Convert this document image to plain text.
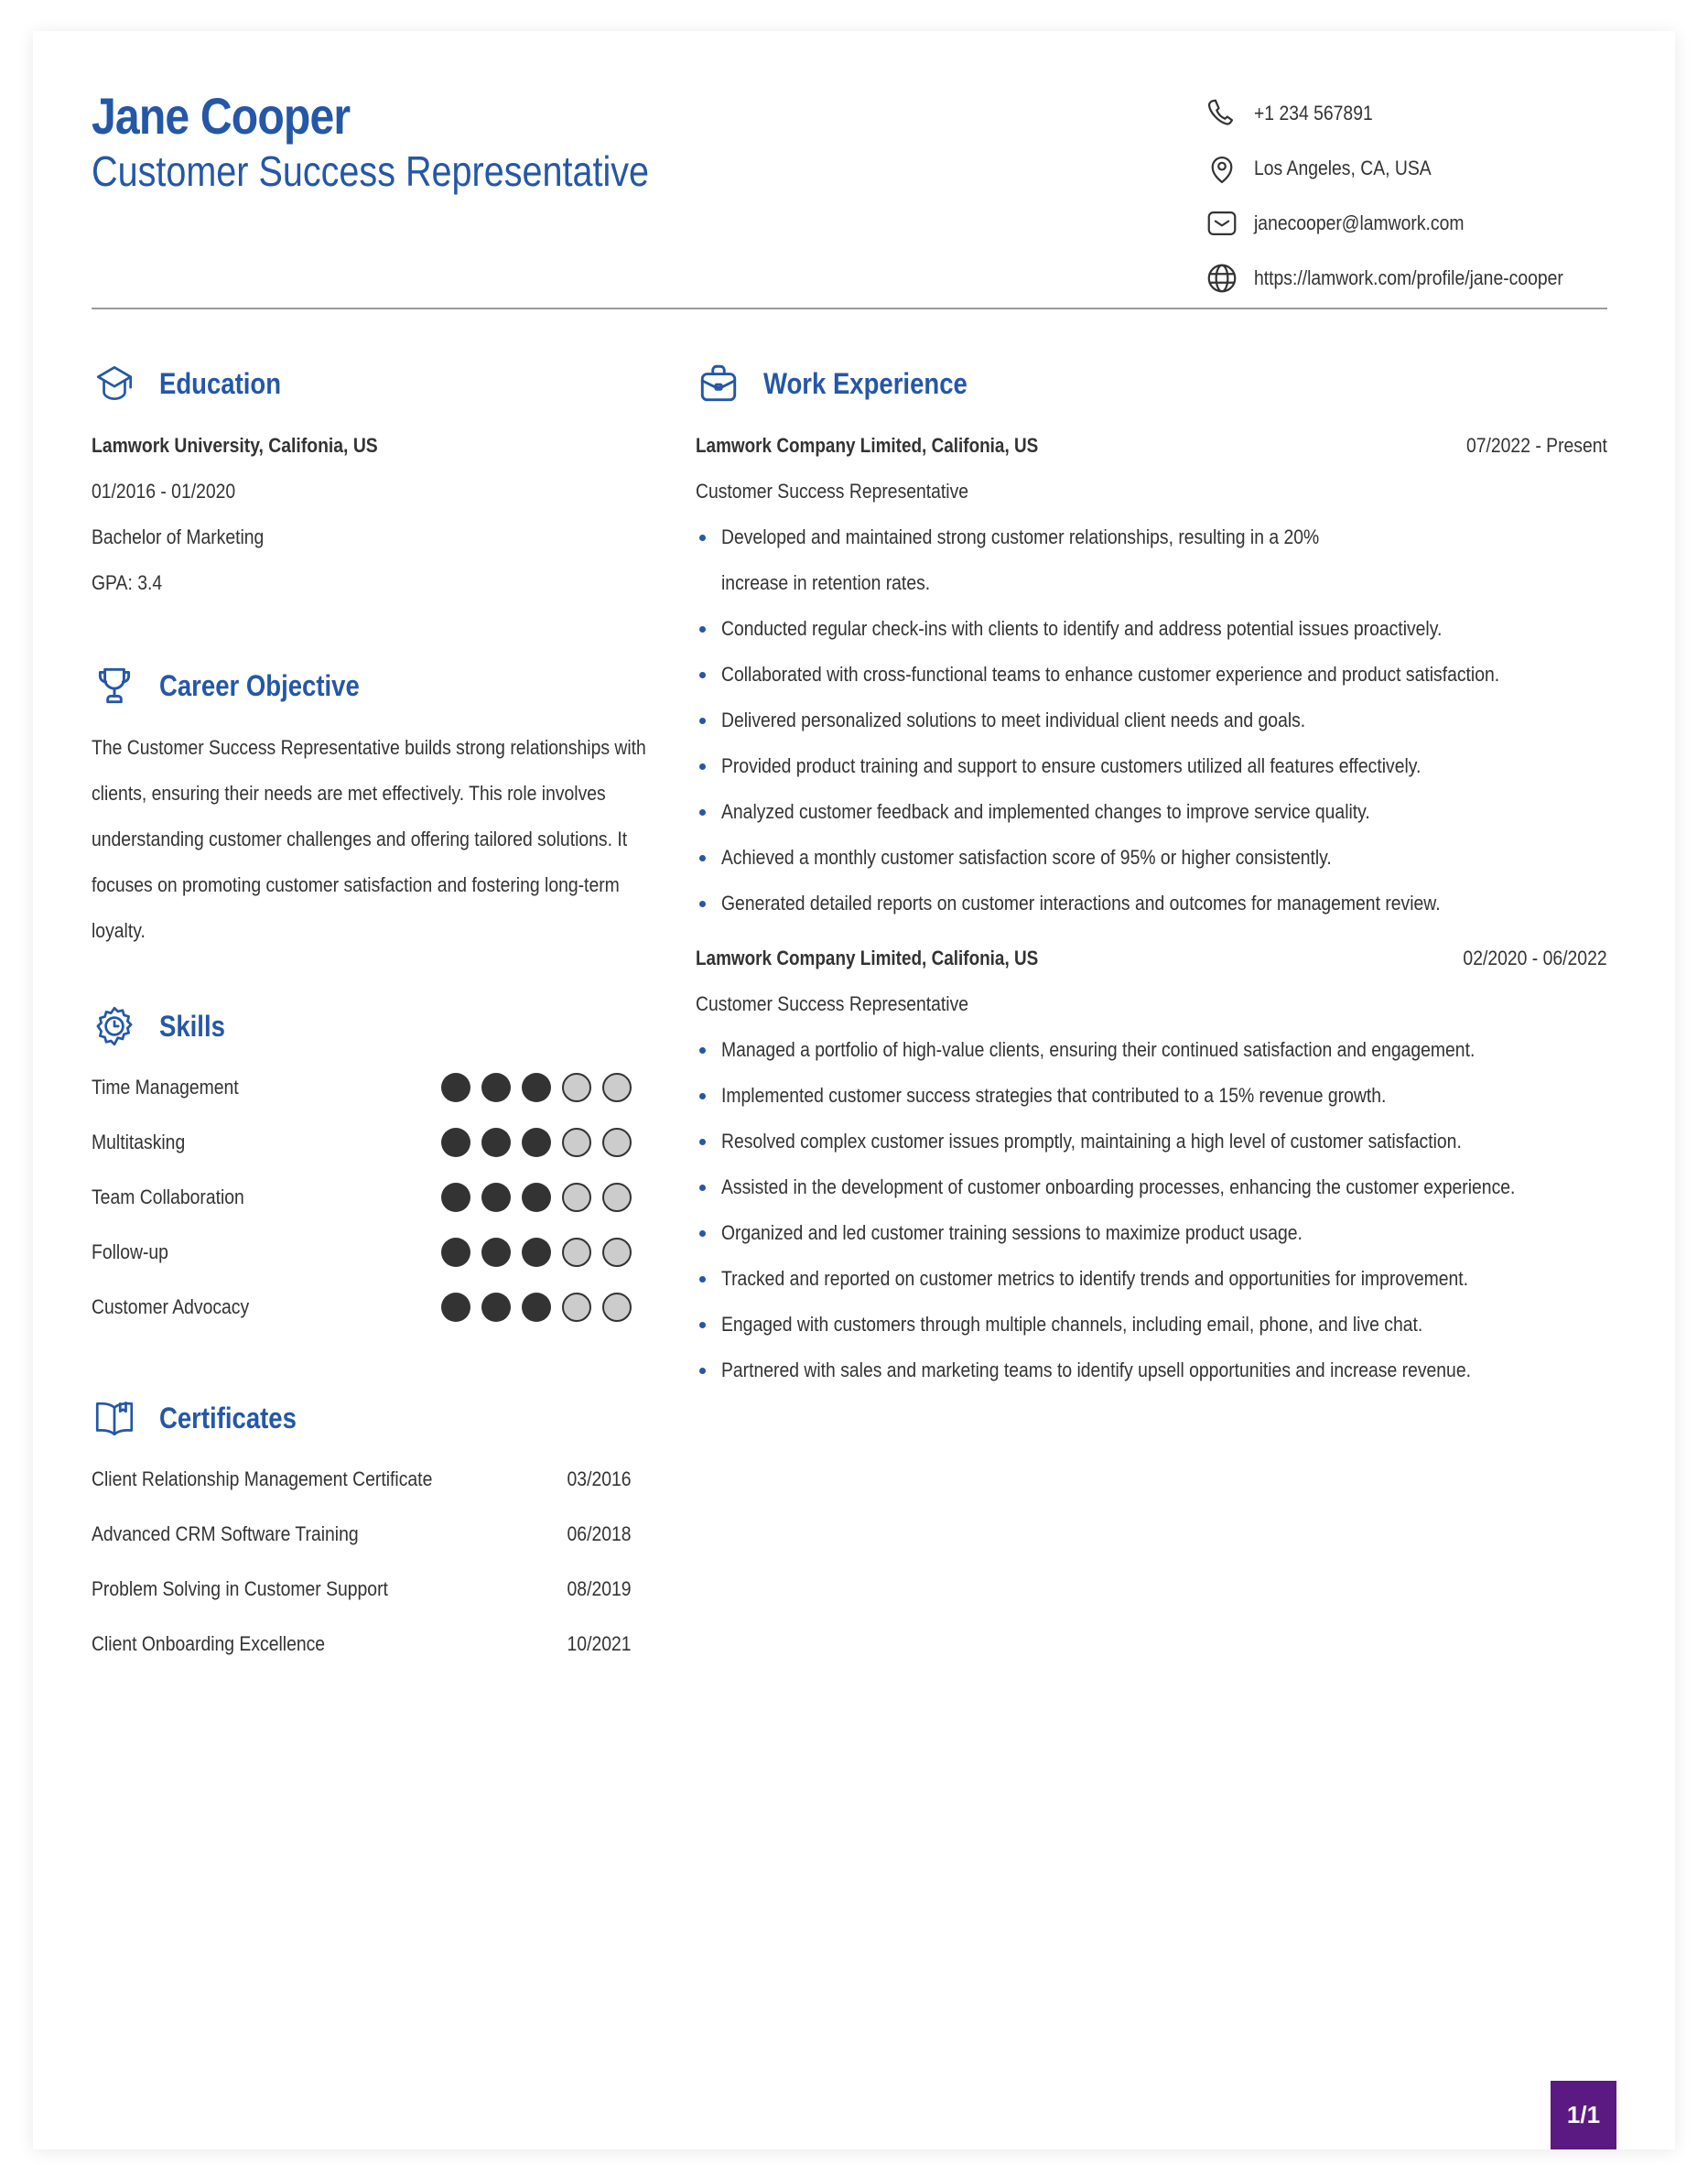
Jane Cooper
Customer Success Representative
+1 234 567891
Los Angeles, CA, USA
janecooper@lamwork.com
https://lamwork.com/profile/jane-cooper
Education
Lamwork University, Califonia, US
01/2016 - 01/2020
Bachelor of Marketing
GPA: 3.4
Career Objective
The Customer Success Representative builds strong relationships with clients, ensuring their needs are met effectively. This role involves understanding customer challenges and offering tailored solutions. It focuses on promoting customer satisfaction and fostering long-term loyalty.
Skills
Time Management
Multitasking
Team Collaboration
Follow-up
Customer Advocacy
Certificates
Client Relationship Management Certificate	03/2016
Advanced CRM Software Training	06/2018
Problem Solving in Customer Support	08/2019
Client Onboarding Excellence	10/2021
Work Experience
Lamwork Company Limited, Califonia, US	07/2022 - Present
Customer Success Representative
Developed and maintained strong customer relationships, resulting in a 20% increase in retention rates.
Conducted regular check-ins with clients to identify and address potential issues proactively.
Collaborated with cross-functional teams to enhance customer experience and product satisfaction.
Delivered personalized solutions to meet individual client needs and goals.
Provided product training and support to ensure customers utilized all features effectively.
Analyzed customer feedback and implemented changes to improve service quality.
Achieved a monthly customer satisfaction score of 95% or higher consistently.
Generated detailed reports on customer interactions and outcomes for management review.
Lamwork Company Limited, Califonia, US	02/2020 - 06/2022
Customer Success Representative
Managed a portfolio of high-value clients, ensuring their continued satisfaction and engagement.
Implemented customer success strategies that contributed to a 15% revenue growth.
Resolved complex customer issues promptly, maintaining a high level of customer satisfaction.
Assisted in the development of customer onboarding processes, enhancing the customer experience.
Organized and led customer training sessions to maximize product usage.
Tracked and reported on customer metrics to identify trends and opportunities for improvement.
Engaged with customers through multiple channels, including email, phone, and live chat.
Partnered with sales and marketing teams to identify upsell opportunities and increase revenue.
1/1
